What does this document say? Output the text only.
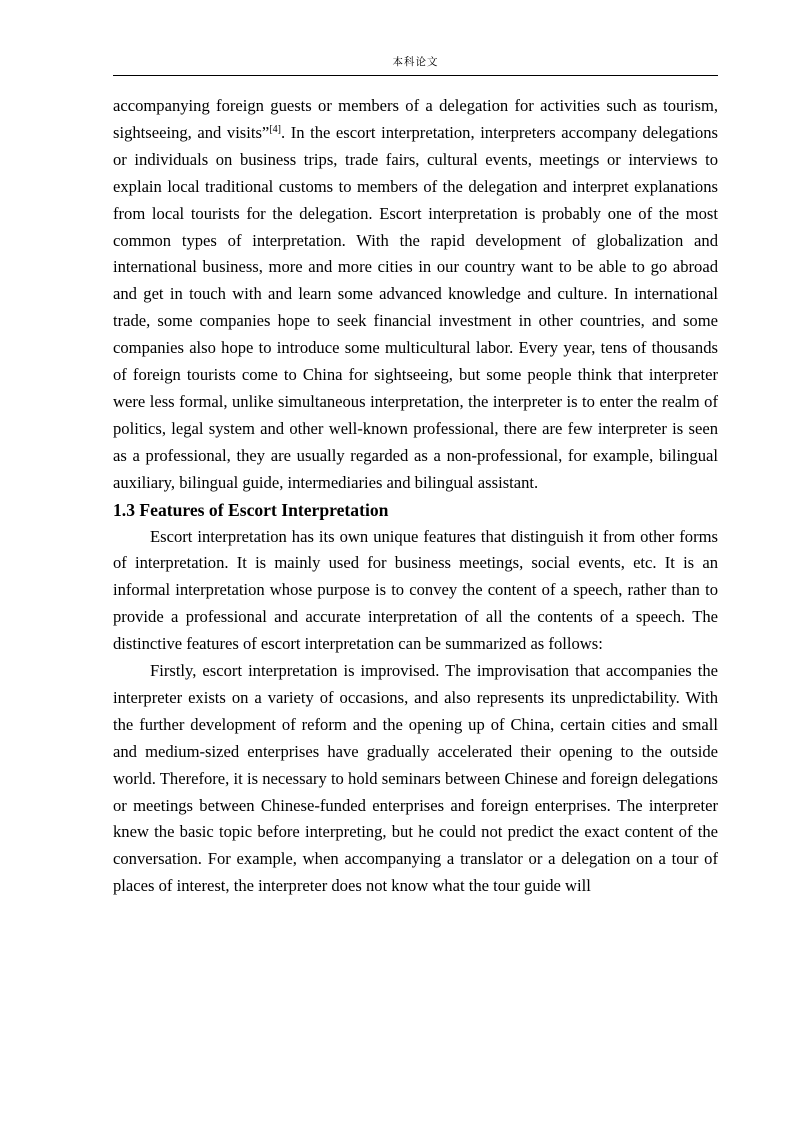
本科论文

accompanying foreign guests or members of a delegation for activities such as tourism, sightseeing, and visits”[4]. In the escort interpretation, interpreters accompany delegations or individuals on business trips, trade fairs, cultural events, meetings or interviews to explain local traditional customs to members of the delegation and interpret explanations from local tourists for the delegation. Escort interpretation is probably one of the most common types of interpretation. With the rapid development of globalization and international business, more and more cities in our country want to be able to go abroad and get in touch with and learn some advanced knowledge and culture. In international trade, some companies hope to seek financial investment in other countries, and some companies also hope to introduce some multicultural labor. Every year, tens of thousands of foreign tourists come to China for sightseeing, but some people think that interpreter were less formal, unlike simultaneous interpretation, the interpreter is to enter the realm of politics, legal system and other well-known professional, there are few interpreter is seen as a professional, they are usually regarded as a non-professional, for example, bilingual auxiliary, bilingual guide, intermediaries and bilingual assistant.

1.3 Features of Escort Interpretation

Escort interpretation has its own unique features that distinguish it from other forms of interpretation. It is mainly used for business meetings, social events, etc. It is an informal interpretation whose purpose is to convey the content of a speech, rather than to provide a professional and accurate interpretation of all the contents of a speech. The distinctive features of escort interpretation can be summarized as follows:

Firstly, escort interpretation is improvised. The improvisation that accompanies the interpreter exists on a variety of occasions, and also represents its unpredictability. With the further development of reform and the opening up of China, certain cities and small and medium-sized enterprises have gradually accelerated their opening to the outside world. Therefore, it is necessary to hold seminars between Chinese and foreign delegations or meetings between Chinese-funded enterprises and foreign enterprises. The interpreter knew the basic topic before interpreting, but he could not predict the exact content of the conversation. For example, when accompanying a translator or a delegation on a tour of places of interest, the interpreter does not know what the tour guide will
